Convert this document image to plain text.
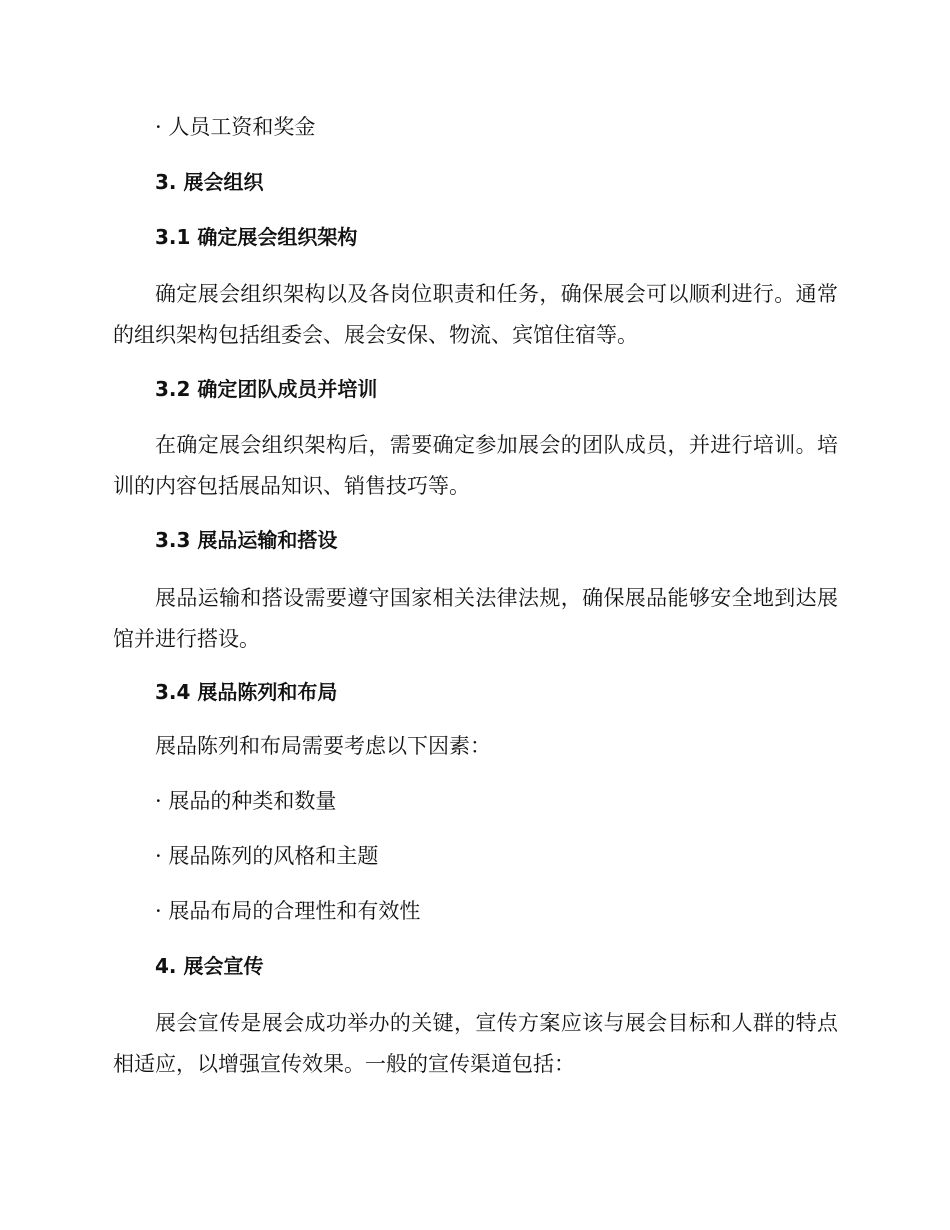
· 人员工资和奖金

3. 展会组织

3.1 确定展会组织架构

确定展会组织架构以及各岗位职责和任务，确保展会可以顺利进行。通常的组织架构包括组委会、展会安保、物流、宾馆住宿等。

3.2 确定团队成员并培训

在确定展会组织架构后，需要确定参加展会的团队成员，并进行培训。培训的内容包括展品知识、销售技巧等。

3.3 展品运输和搭设

展品运输和搭设需要遵守国家相关法律法规，确保展品能够安全地到达展馆并进行搭设。

3.4 展品陈列和布局

展品陈列和布局需要考虑以下因素：

· 展品的种类和数量

· 展品陈列的风格和主题

· 展品布局的合理性和有效性

4. 展会宣传

展会宣传是展会成功举办的关键，宣传方案应该与展会目标和人群的特点相适应，以增强宣传效果。一般的宣传渠道包括：
